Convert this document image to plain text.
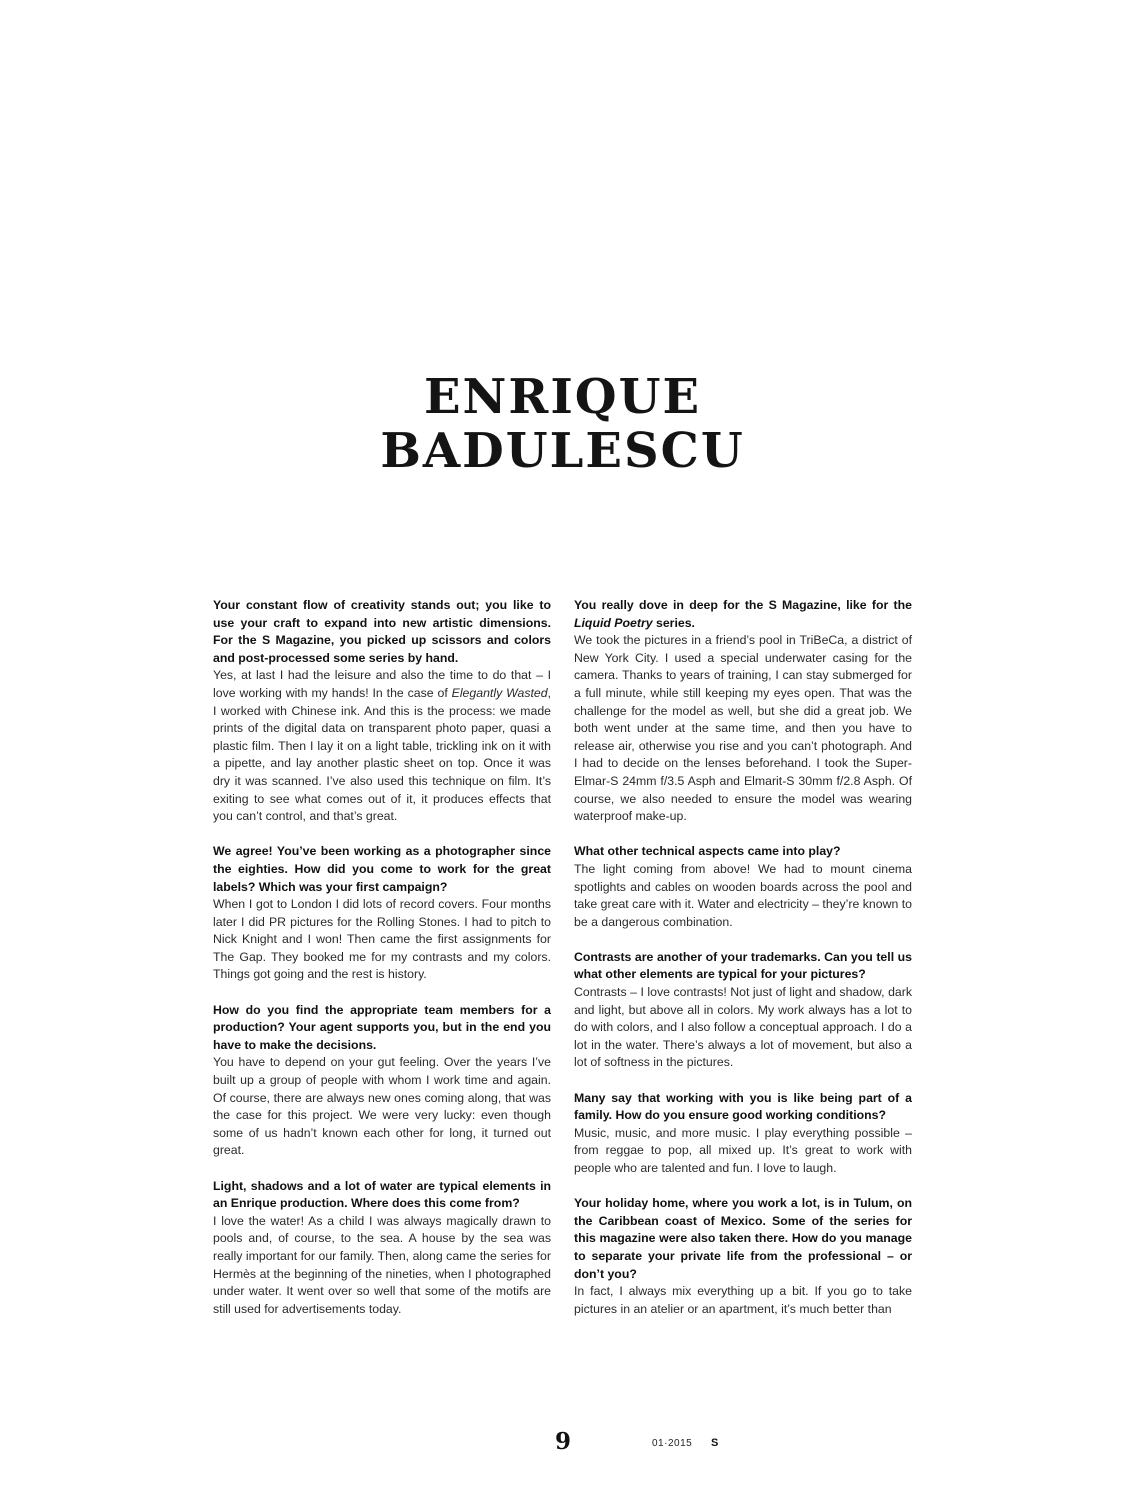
ENRIQUE
BADULESCU
Your constant flow of creativity stands out; you like to use your craft to expand into new artistic dimensions. For the S Magazine, you picked up scissors and colors and post-processed some series by hand.
Yes, at last I had the leisure and also the time to do that – I love working with my hands! In the case of Elegantly Wasted, I worked with Chinese ink. And this is the process: we made prints of the digital data on transparent photo paper, quasi a plastic film. Then I lay it on a light table, trickling ink on it with a pipette, and lay another plastic sheet on top. Once it was dry it was scanned. I’ve also used this technique on film. It’s exiting to see what comes out of it, it produces effects that you can’t control, and that’s great.
We agree! You’ve been working as a photographer since the eighties. How did you come to work for the great labels? Which was your first campaign?
When I got to London I did lots of record covers. Four months later I did PR pictures for the Rolling Stones. I had to pitch to Nick Knight and I won! Then came the first assignments for The Gap. They booked me for my contrasts and my colors. Things got going and the rest is history.
How do you find the appropriate team members for a production? Your agent supports you, but in the end you have to make the decisions.
You have to depend on your gut feeling. Over the years I’ve built up a group of people with whom I work time and again. Of course, there are always new ones coming along, that was the case for this project. We were very lucky: even though some of us hadn’t known each other for long, it turned out great.
Light, shadows and a lot of water are typical elements in an Enrique production. Where does this come from?
I love the water! As a child I was always magically drawn to pools and, of course, to the sea. A house by the sea was really important for our family. Then, along came the series for Hermès at the beginning of the nineties, when I photographed under water. It went over so well that some of the motifs are still used for advertisements today.
You really dove in deep for the S Magazine, like for the Liquid Poetry series.
We took the pictures in a friend’s pool in TriBeCa, a district of New York City. I used a special underwater casing for the camera. Thanks to years of training, I can stay submerged for a full minute, while still keeping my eyes open. That was the challenge for the model as well, but she did a great job. We both went under at the same time, and then you have to release air, otherwise you rise and you can’t photograph. And I had to decide on the lenses beforehand. I took the Super-Elmar-S 24mm f/3.5 Asph and Elmarit-S 30mm f/2.8 Asph. Of course, we also needed to ensure the model was wearing waterproof make-up.
What other technical aspects came into play?
The light coming from above! We had to mount cinema spotlights and cables on wooden boards across the pool and take great care with it. Water and electricity – they’re known to be a dangerous combination.
Contrasts are another of your trademarks. Can you tell us what other elements are typical for your pictures?
Contrasts – I love contrasts! Not just of light and shadow, dark and light, but above all in colors. My work always has a lot to do with colors, and I also follow a conceptual approach. I do a lot in the water. There’s always a lot of movement, but also a lot of softness in the pictures.
Many say that working with you is like being part of a family. How do you ensure good working conditions?
Music, music, and more music. I play everything possible – from reggae to pop, all mixed up. It’s great to work with people who are talented and fun. I love to laugh.
Your holiday home, where you work a lot, is in Tulum, on the Caribbean coast of Mexico. Some of the series for this magazine were also taken there. How do you manage to separate your private life from the professional – or don’t you?
In fact, I always mix everything up a bit. If you go to take pictures in an atelier or an apartment, it’s much better than
9	01·2015 S
